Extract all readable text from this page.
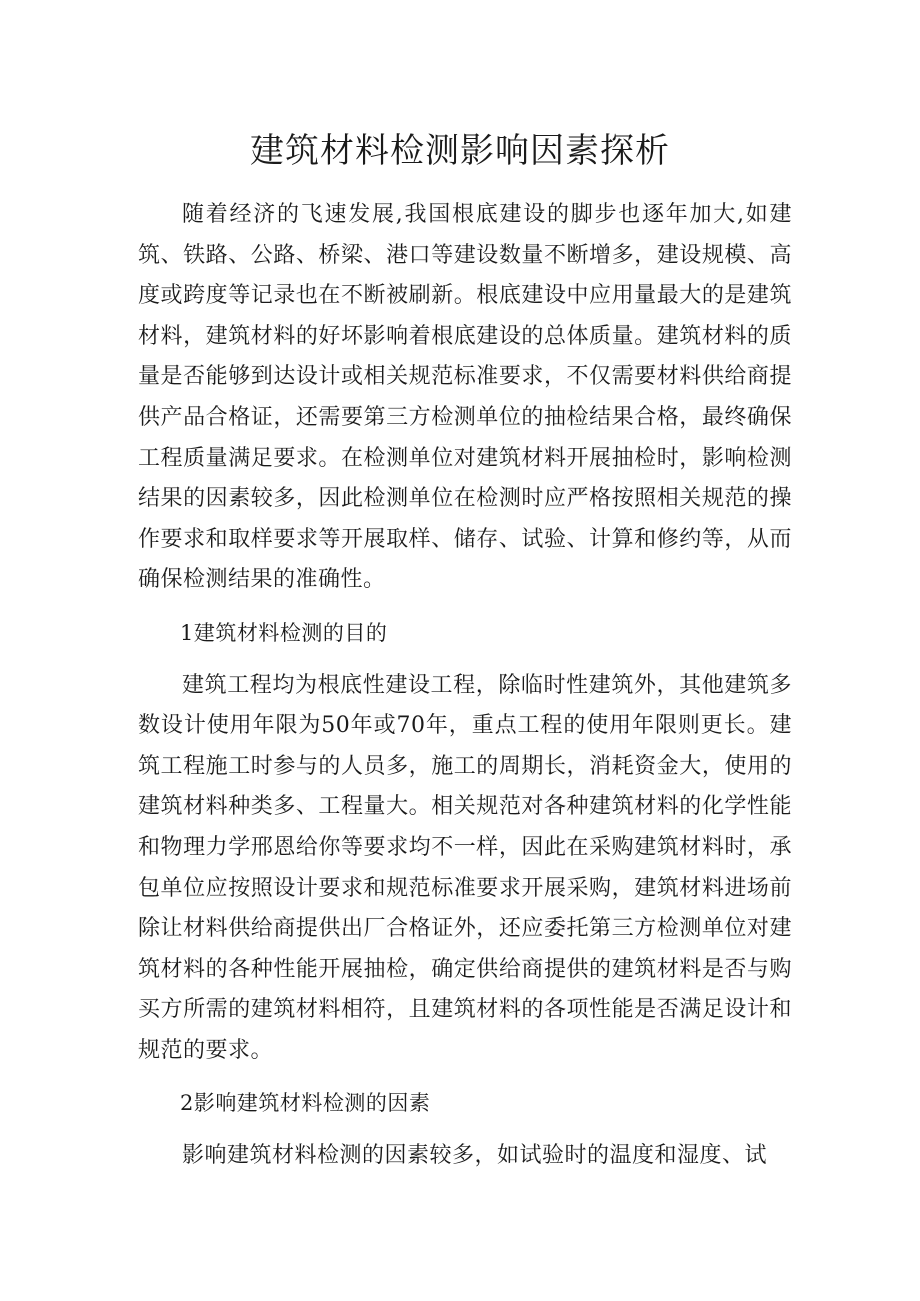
建筑材料检测影响因素探析

随着经济的飞速发展,我国根底建设的脚步也逐年加大,如建筑、铁路、公路、桥梁、港口等建设数量不断增多，建设规模、高度或跨度等记录也在不断被刷新。根底建设中应用量最大的是建筑材料，建筑材料的好坏影响着根底建设的总体质量。建筑材料的质量是否能够到达设计或相关规范标准要求，不仅需要材料供给商提供产品合格证，还需要第三方检测单位的抽检结果合格，最终确保工程质量满足要求。在检测单位对建筑材料开展抽检时，影响检测结果的因素较多，因此检测单位在检测时应严格按照相关规范的操作要求和取样要求等开展取样、储存、试验、计算和修约等，从而确保检测结果的准确性。

1建筑材料检测的目的

建筑工程均为根底性建设工程，除临时性建筑外，其他建筑多数设计使用年限为50年或70年，重点工程的使用年限则更长。建筑工程施工时参与的人员多，施工的周期长，消耗资金大，使用的建筑材料种类多、工程量大。相关规范对各种建筑材料的化学性能和物理力学邢恩给你等要求均不一样，因此在采购建筑材料时，承包单位应按照设计要求和规范标准要求开展采购，建筑材料进场前除让材料供给商提供出厂合格证外，还应委托第三方检测单位对建筑材料的各种性能开展抽检，确定供给商提供的建筑材料是否与购买方所需的建筑材料相符，且建筑材料的各项性能是否满足设计和规范的要求。

2影响建筑材料检测的因素

影响建筑材料检测的因素较多，如试验时的温度和湿度、试
